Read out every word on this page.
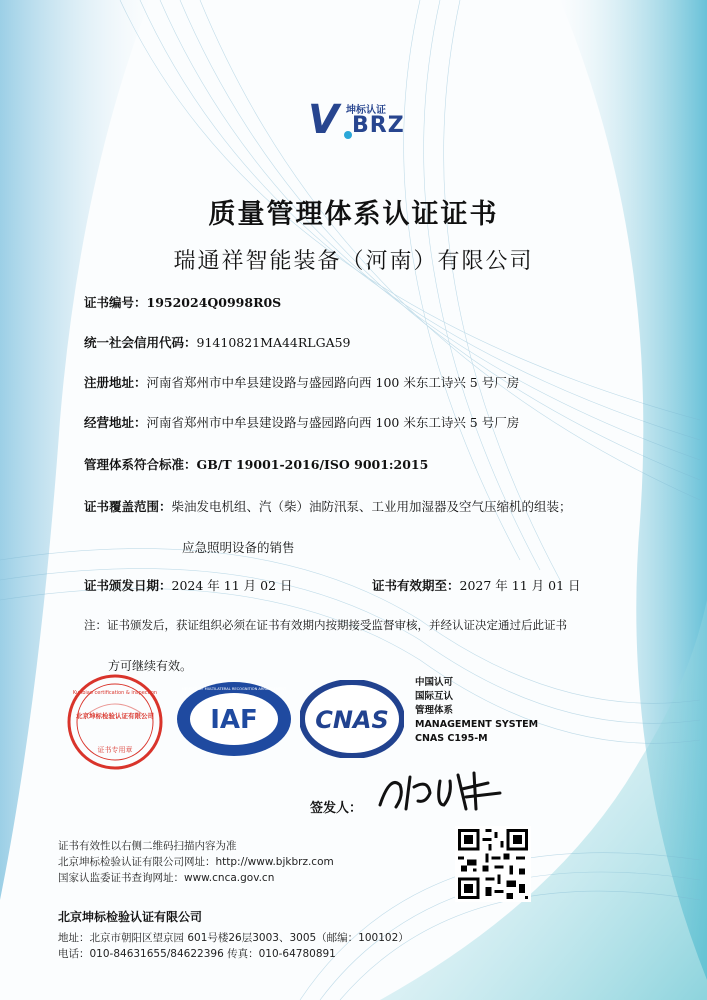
V 坤标认证
BRZ
质量管理体系认证证书
瑞通祥智能装备（河南）有限公司
证书编号：1952024Q0998R0S
统一社会信用代码：91410821MA44RLGA59
注册地址：河南省郑州市中牟县建设路与盛园路向西 100 米东工诗兴 5 号厂房
经营地址：河南省郑州市中牟县建设路与盛园路向西 100 米东工诗兴 5 号厂房
管理体系符合标准：GB/T 19001-2016/ISO 9001:2015
证书覆盖范围：柴油发电机组、汽（柴）油防汛泵、工业用加湿器及空气压缩机的组装；
应急照明设备的销售
证书颁发日期：2024 年 11 月 02 日	证书有效期至：2027 年 11 月 01 日
注：证书颁发后，获证组织必须在证书有效期内按期接受监督审核，并经认证决定通过后此证书
方可继续有效。
北京坤标检验认证有限公司
Kunbiao certification & inspection
证书专用章
IAF
MEMBER OF MULTILATERAL RECOGNITION ARRANGEMENT
CNAS
中国认可
国际互认
管理体系
MANAGEMENT SYSTEM
CNAS C195-M
签发人：
证书有效性以右侧二维码扫描内容为准
北京坤标检验认证有限公司网址：http://www.bjkbrz.com
国家认监委证书查询网址：www.cnca.gov.cn
北京坤标检验认证有限公司
地址：北京市朝阳区望京园 601号楼26层3003、3005（邮编：100102）
电话：010-84631655/84622396 传真：010-64780891
